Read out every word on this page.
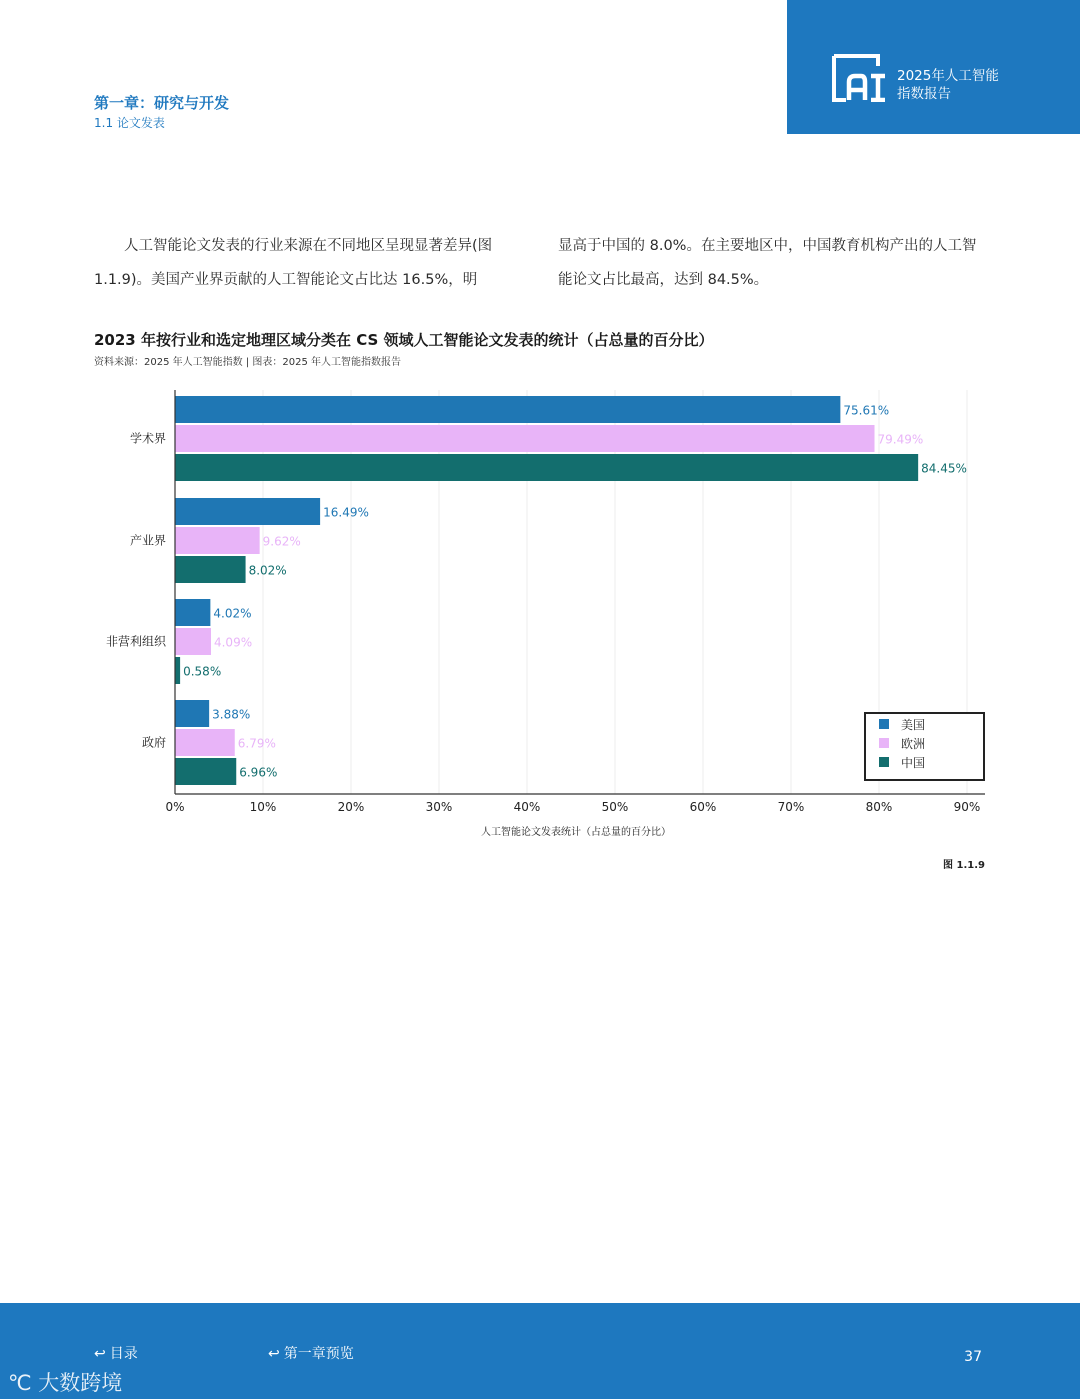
2025年人工智能
指数报告
第一章：研究与开发
1.1 论文发表

人工智能论文发表的行业来源在不同地区呈现显著差异(图 1.1.9)。美国产业界贡献的人工智能论文占比达 16.5%，明

显高于中国的 8.0%。在主要地区中，中国教育机构产出的人工智能论文占比最高，达到 84.5%。

2023 年按行业和选定地理区域分类在 CS 领域人工智能论文发表的统计（占总量的百分比）
资料来源：2025 年人工智能指数 | 图表：2025 年人工智能指数报告
学术界
75.61%
79.49%
84.45%
产业界
16.49%
9.62%
8.02%
非营利组织
4.02%
4.09%
0.58%
政府
3.88%
6.79%
6.96%
0%	10%	20%	30%	40%	50%	60%	70%	80%	90%
人工智能论文发表统计（占总量的百分比）
美国
欧洲
中国
图 1.1.9
↩ 目录	↩ 第一章预览	37
℃ 大数跨境
